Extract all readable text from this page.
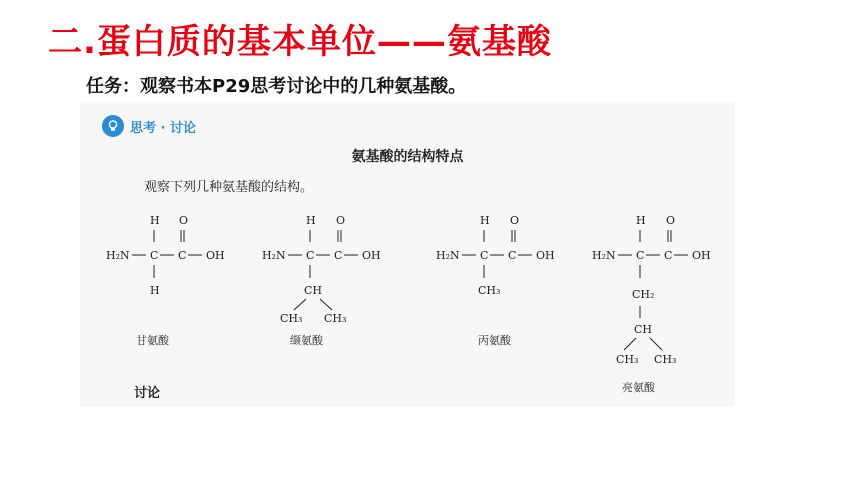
二.蛋白质的基本单位——氨基酸
任务：观察书本P29思考讨论中的几种氨基酸。
思考 · 讨论
氨基酸的结构特点
观察下列几种氨基酸的结构。
H O
H₂N C C OH
H
甘氨酸
H O
H₂N C C OH
CH
CH₃ CH₃
缬氨酸
H O
H₂N C C OH
CH₃
丙氨酸
H O
H₂N C C OH
CH₂
CH
CH₃ CH₃
亮氨酸
讨论
